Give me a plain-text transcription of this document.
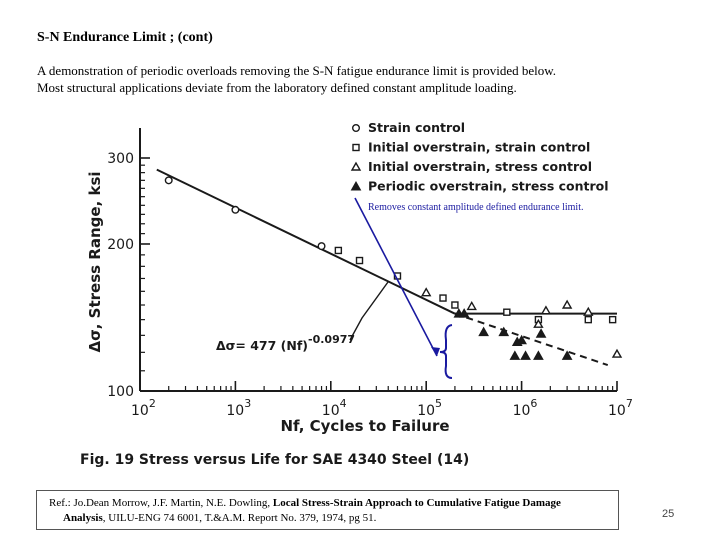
S-N Endurance Limit ; (cont)
A demonstration of periodic overloads removing the S-N fatigue endurance limit is provided below.
Most structural applications deviate from the laboratory defined constant amplitude loading.
$10^2$	$10^3$	$10^4$	$10^5$	$10^6$	$10^7$
100
200
300
Nf, Cycles to Failure
Δσ, Stress Range, ksi
Fig. 19 Stress versus Life for SAE 4340 Steel (14)
Strain control
Initial overstrain, strain control
Initial overstrain, stress control
Periodic overstrain, stress control
Δσ= 477 (Nf)-0.0977
Removes constant amplitude defined endurance limit.
Ref.: Jo.Dean Morrow, J.F. Martin, N.E. Dowling, Local Stress-Strain Approach to Cumulative Fatigue Damage
Analysis, UILU-ENG 74 6001, T.&A.M. Report No. 379, 1974, pg 51.	25
